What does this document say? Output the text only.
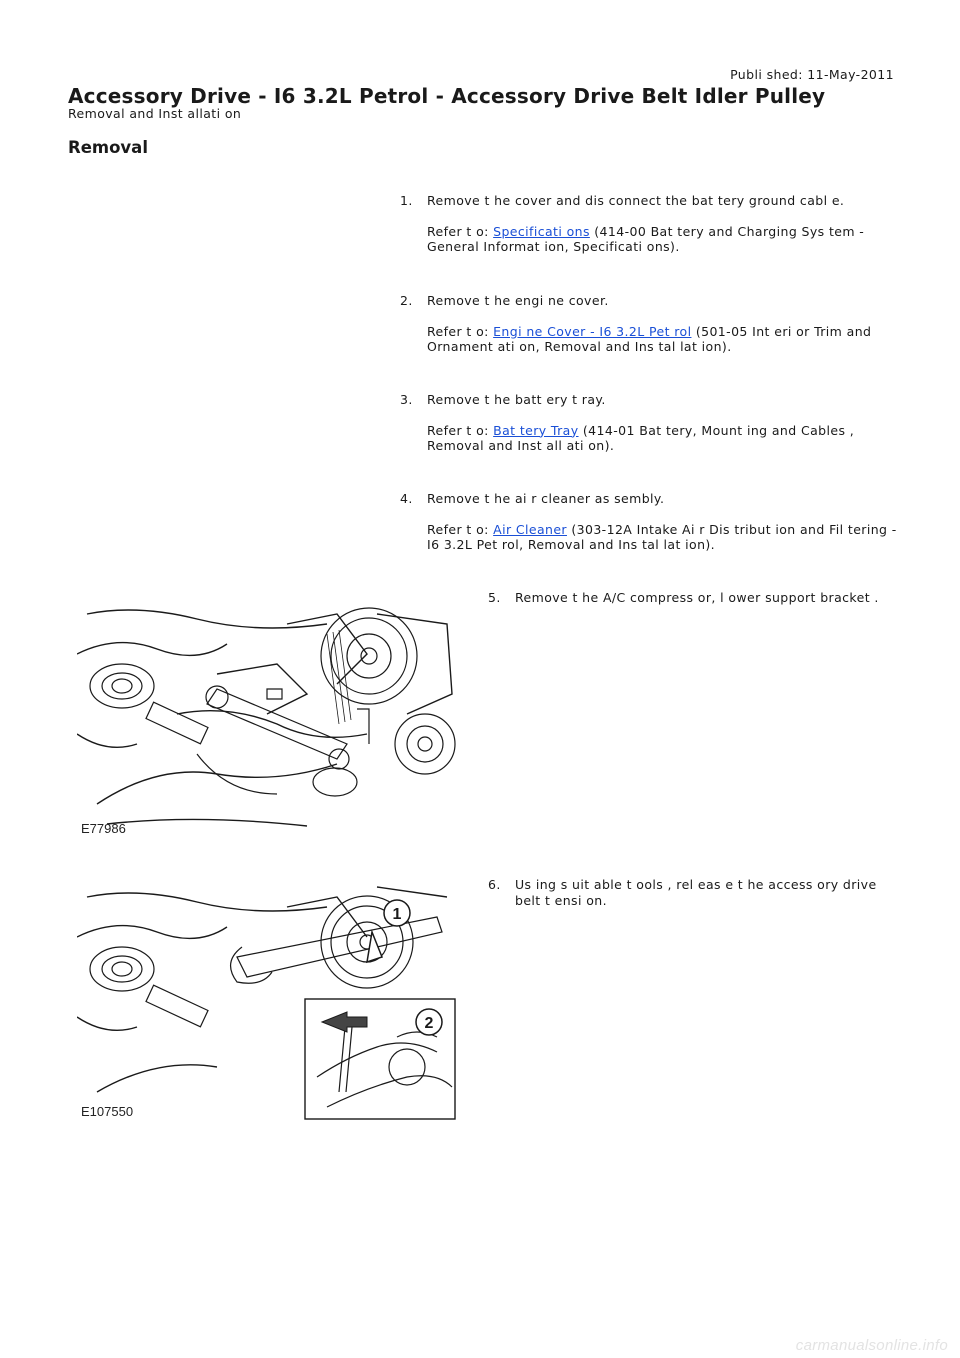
Publi shed: 11-May-2011
Accessory Drive - I6 3.2L Petrol - Accessory Drive Belt Idler Pulley
Removal and Inst allati on
Removal
1. Remove t he cover and dis connect the bat tery ground cabl e.
Refer t o: Specificati ons (414-00 Bat tery and Charging Sys tem - General Informat ion, Specificati ons).
2. Remove t he engi ne cover.
Refer t o: Engi ne Cover - I6 3.2L Pet rol (501-05 Int eri or Trim and Ornament ati on, Removal and Ins tal lat ion).
3. Remove t he batt ery t ray.
Refer t o: Bat tery Tray (414-01 Bat tery, Mount ing and Cables , Removal and Inst all ati on).
4. Remove t he ai r cleaner as sembly.
Refer t o: Air Cleaner (303-12A Intake Ai r Dis tribut ion and Fil tering - I6 3.2L Pet rol, Removal and Ins tal lat ion).
5. Remove t he A/C compress or, l ower support bracket .
6. Us ing s uit able t ools , rel eas e t he access ory drive belt t ensi on.
E77986
1
2
E107550
carmanualsonline.info
